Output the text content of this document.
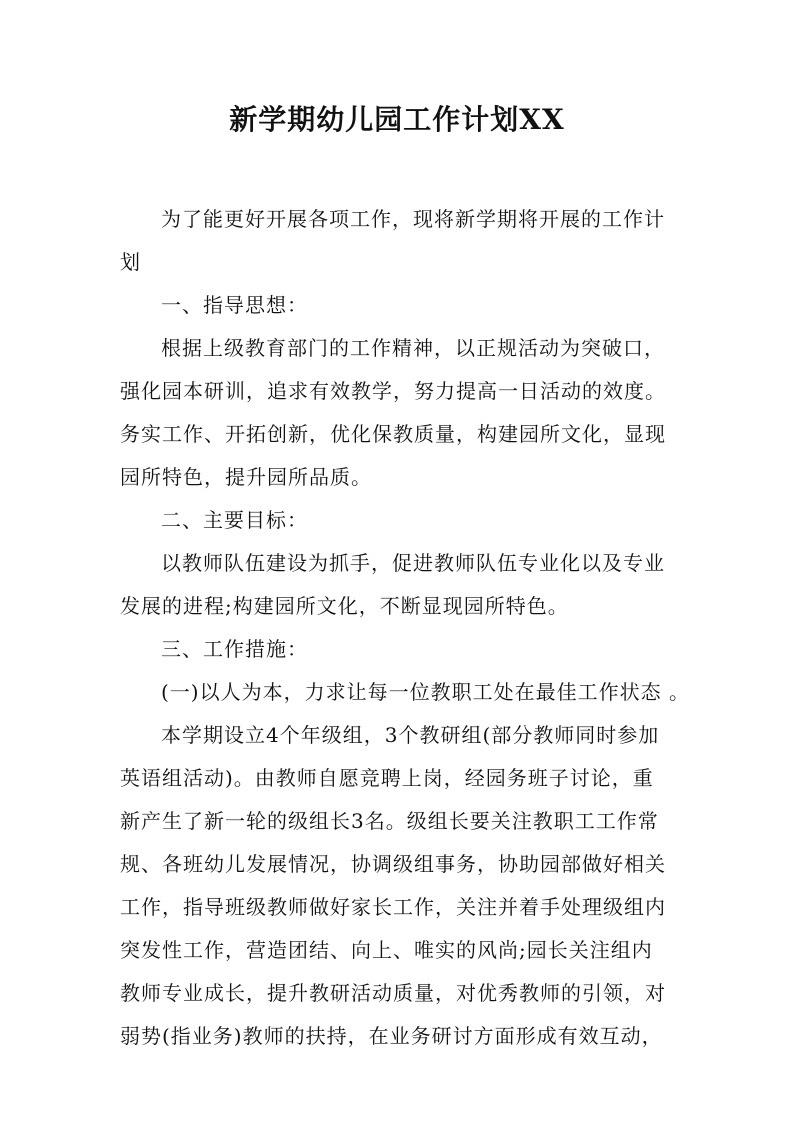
新学期幼儿园工作计划XX

为了能更好开展各项工作，现将新学期将开展的工作计
划

一、指导思想：

根据上级教育部门的工作精神，以正规活动为突破口，
强化园本研训，追求有效教学，努力提高一日活动的效度。
务实工作、开拓创新，优化保教质量，构建园所文化，显现
园所特色，提升园所品质。

二、主要目标：

以教师队伍建设为抓手，促进教师队伍专业化以及专业
发展的进程;构建园所文化，不断显现园所特色。

三、工作措施：

(一)以人为本，力求让每一位教职工处在最佳工作状态 。

本学期设立4个年级组，3个教研组(部分教师同时参加
英语组活动)。由教师自愿竞聘上岗，经园务班子讨论，重
新产生了新一轮的级组长3名。级组长要关注教职工工作常
规、各班幼儿发展情况，协调级组事务，协助园部做好相关
工作，指导班级教师做好家长工作，关注并着手处理级组内
突发性工作，营造团结、向上、唯实的风尚;园长关注组内
教师专业成长，提升教研活动质量，对优秀教师的引领，对
弱势(指业务)教师的扶持，在业务研讨方面形成有效互动，
